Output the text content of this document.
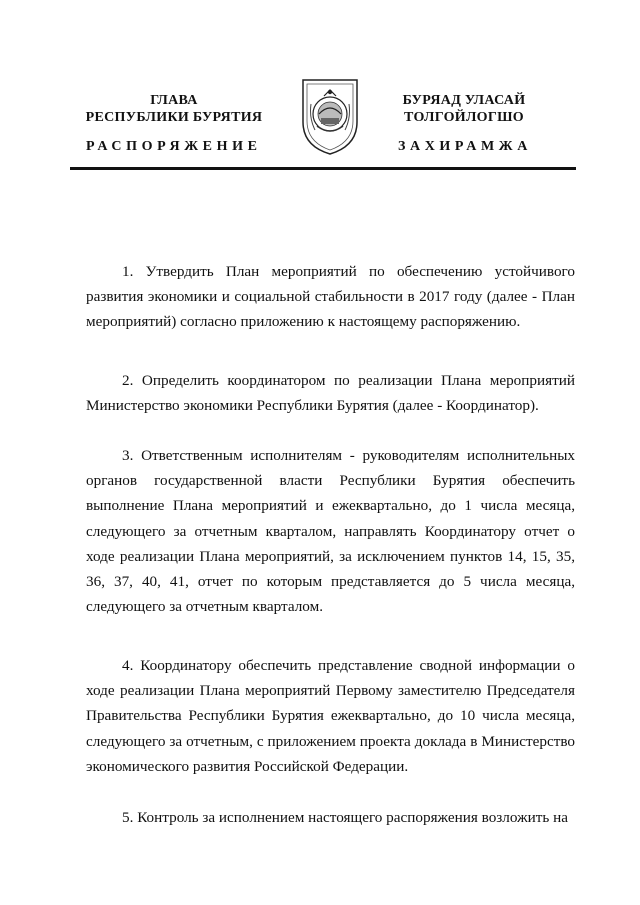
ГЛАВА
РЕСПУБЛИКИ БУРЯТИЯ
БУРЯАД УЛАСАЙ
ТОЛГОЙЛОГШО
РАСПОРЯЖЕНИЕ	ЗАХИРАМЖА

1. Утвердить План мероприятий по обеспечению устойчивого развития экономики и социальной стабильности в 2017 году (далее - План мероприятий) согласно приложению к настоящему распоряжению.

2. Определить координатором по реализации Плана мероприятий Министерство экономики Республики Бурятия (далее - Координатор).

3. Ответственным исполнителям - руководителям исполнительных органов государственной власти Республики Бурятия обеспечить выполнение Плана мероприятий и ежеквартально, до 1 числа месяца, следующего за отчетным кварталом, направлять Координатору отчет о ходе реализации Плана мероприятий, за исключением пунктов 14, 15, 35, 36, 37, 40, 41, отчет по которым представляется до 5 числа месяца, следующего за отчетным кварталом.

4. Координатору обеспечить представление сводной информации о ходе реализации Плана мероприятий Первому заместителю Председателя Правительства Республики Бурятия ежеквартально, до 10 числа месяца, следующего за отчетным, с приложением проекта доклада в Министерство экономического развития Российской Федерации.

5. Контроль за исполнением настоящего распоряжения возложить на
